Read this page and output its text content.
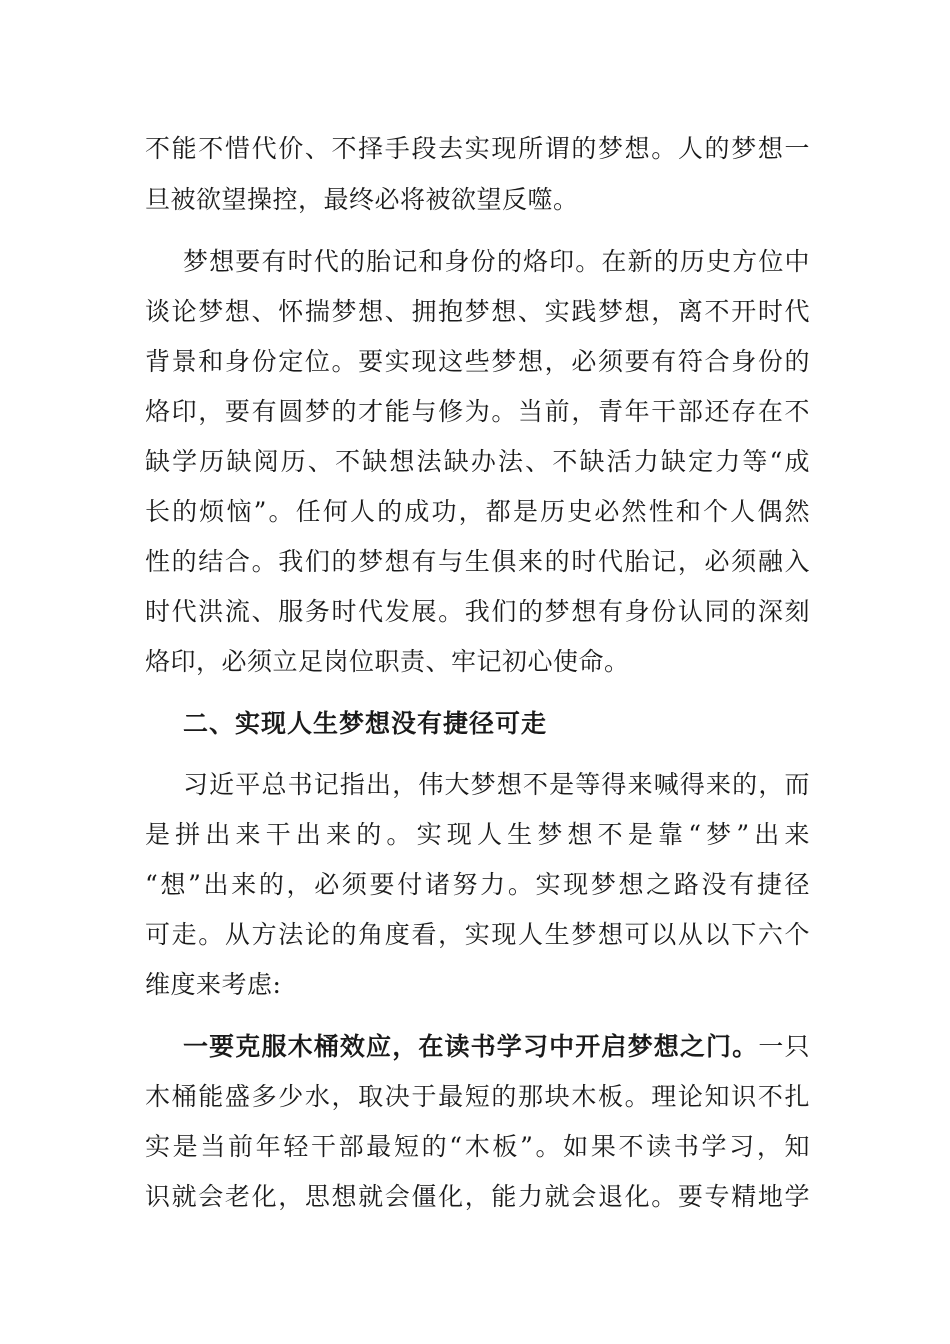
不能不惜代价、不择手段去实现所谓的梦想。人的梦想一
旦被欲望操控，最终必将被欲望反噬。
梦想要有时代的胎记和身份的烙印。在新的历史方位中
谈论梦想、怀揣梦想、拥抱梦想、实践梦想，离不开时代
背景和身份定位。要实现这些梦想，必须要有符合身份的
烙印，要有圆梦的才能与修为。当前，青年干部还存在不
缺学历缺阅历、不缺想法缺办法、不缺活力缺定力等“成
长的烦恼”。任何人的成功，都是历史必然性和个人偶然
性的结合。我们的梦想有与生俱来的时代胎记，必须融入
时代洪流、服务时代发展。我们的梦想有身份认同的深刻
烙印，必须立足岗位职责、牢记初心使命。
二、实现人生梦想没有捷径可走
习近平总书记指出，伟大梦想不是等得来喊得来的，而
是拼出来干出来的。实现人生梦想不是靠“梦”出来
“想”出来的，必须要付诸努力。实现梦想之路没有捷径
可走。从方法论的角度看，实现人生梦想可以从以下六个
维度来考虑:
一要克服木桶效应，在读书学习中开启梦想之门。一只
木桶能盛多少水，取决于最短的那块木板。理论知识不扎
实是当前年轻干部最短的“木板”。如果不读书学习，知
识就会老化，思想就会僵化，能力就会退化。要专精地学
